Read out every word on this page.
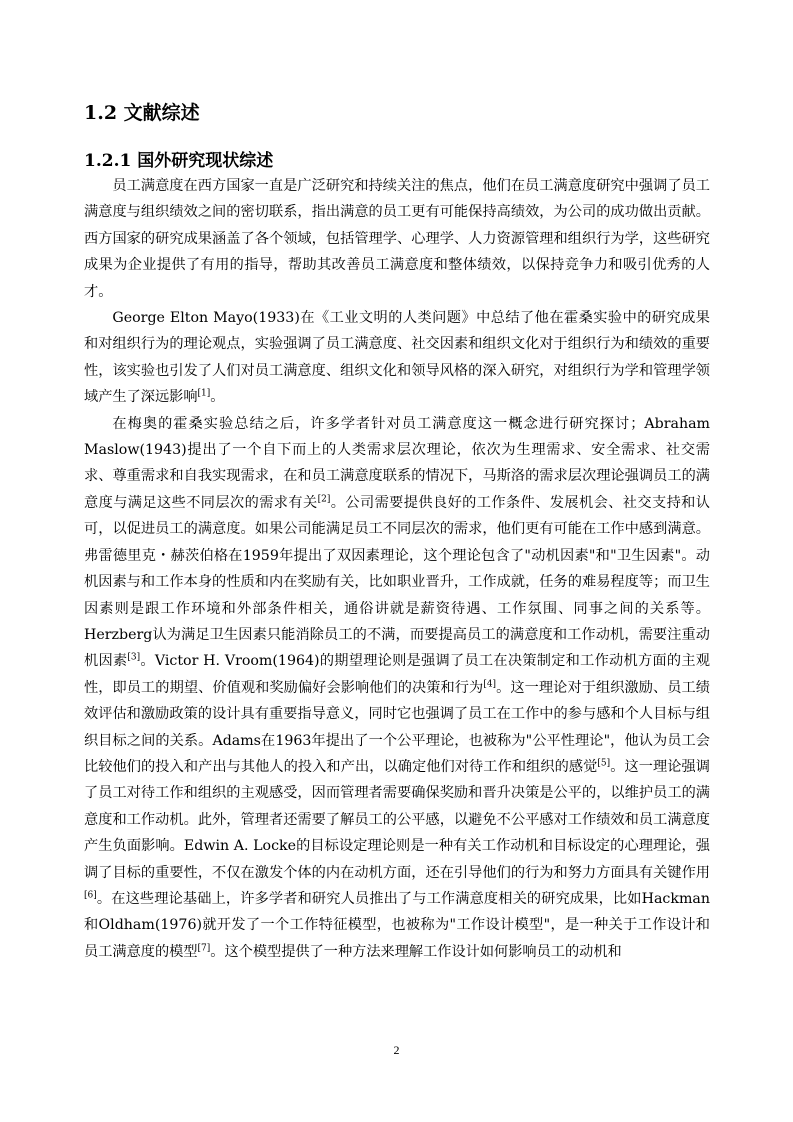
1.2 文献综述
1.2.1 国外研究现状综述

员工满意度在西方国家一直是广泛研究和持续关注的焦点，他们在员工满意度研究中强调了员工满意度与组织绩效之间的密切联系，指出满意的员工更有可能保持高绩效，为公司的成功做出贡献。西方国家的研究成果涵盖了各个领域，包括管理学、心理学、人力资源管理和组织行为学，这些研究成果为企业提供了有用的指导，帮助其改善员工满意度和整体绩效，以保持竞争力和吸引优秀的人才。

George Elton Mayo(1933)在《工业文明的人类问题》中总结了他在霍桑实验中的研究成果和对组织行为的理论观点，实验强调了员工满意度、社交因素和组织文化对于组织行为和绩效的重要性，该实验也引发了人们对员工满意度、组织文化和领导风格的深入研究，对组织行为学和管理学领域产生了深远影响[1]。

在梅奥的霍桑实验总结之后，许多学者针对员工满意度这一概念进行研究探讨；Abraham Maslow(1943)提出了一个自下而上的人类需求层次理论，依次为生理需求、安全需求、社交需求、尊重需求和自我实现需求，在和员工满意度联系的情况下，马斯洛的需求层次理论强调员工的满意度与满足这些不同层次的需求有关[2]。公司需要提供良好的工作条件、发展机会、社交支持和认可，以促进员工的满意度。如果公司能满足员工不同层次的需求，他们更有可能在工作中感到满意。弗雷德里克・赫茨伯格在1959年提出了双因素理论，这个理论包含了"动机因素"和"卫生因素"。动机因素与和工作本身的性质和内在奖励有关，比如职业晋升，工作成就，任务的难易程度等；而卫生因素则是跟工作环境和外部条件相关，通俗讲就是薪资待遇、工作氛围、同事之间的关系等。Herzberg认为满足卫生因素只能消除员工的不满，而要提高员工的满意度和工作动机，需要注重动机因素[3]。Victor H. Vroom(1964)的期望理论则是强调了员工在决策制定和工作动机方面的主观性，即员工的期望、价值观和奖励偏好会影响他们的决策和行为[4]。这一理论对于组织激励、员工绩效评估和激励政策的设计具有重要指导意义，同时它也强调了员工在工作中的参与感和个人目标与组织目标之间的关系。Adams在1963年提出了一个公平理论，也被称为"公平性理论"，他认为员工会比较他们的投入和产出与其他人的投入和产出，以确定他们对待工作和组织的感觉[5]。这一理论强调了员工对待工作和组织的主观感受，因而管理者需要确保奖励和晋升决策是公平的，以维护员工的满意度和工作动机。此外，管理者还需要了解员工的公平感，以避免不公平感对工作绩效和员工满意度产生负面影响。Edwin A. Locke的目标设定理论则是一种有关工作动机和目标设定的心理理论，强调了目标的重要性，不仅在激发个体的内在动机方面，还在引导他们的行为和努力方面具有关键作用[6]。在这些理论基础上，许多学者和研究人员推出了与工作满意度相关的研究成果，比如Hackman和Oldham(1976)就开发了一个工作特征模型，也被称为"工作设计模型"，是一种关于工作设计和员工满意度的模型[7]。这个模型提供了一种方法来理解工作设计如何影响员工的动机和

2
